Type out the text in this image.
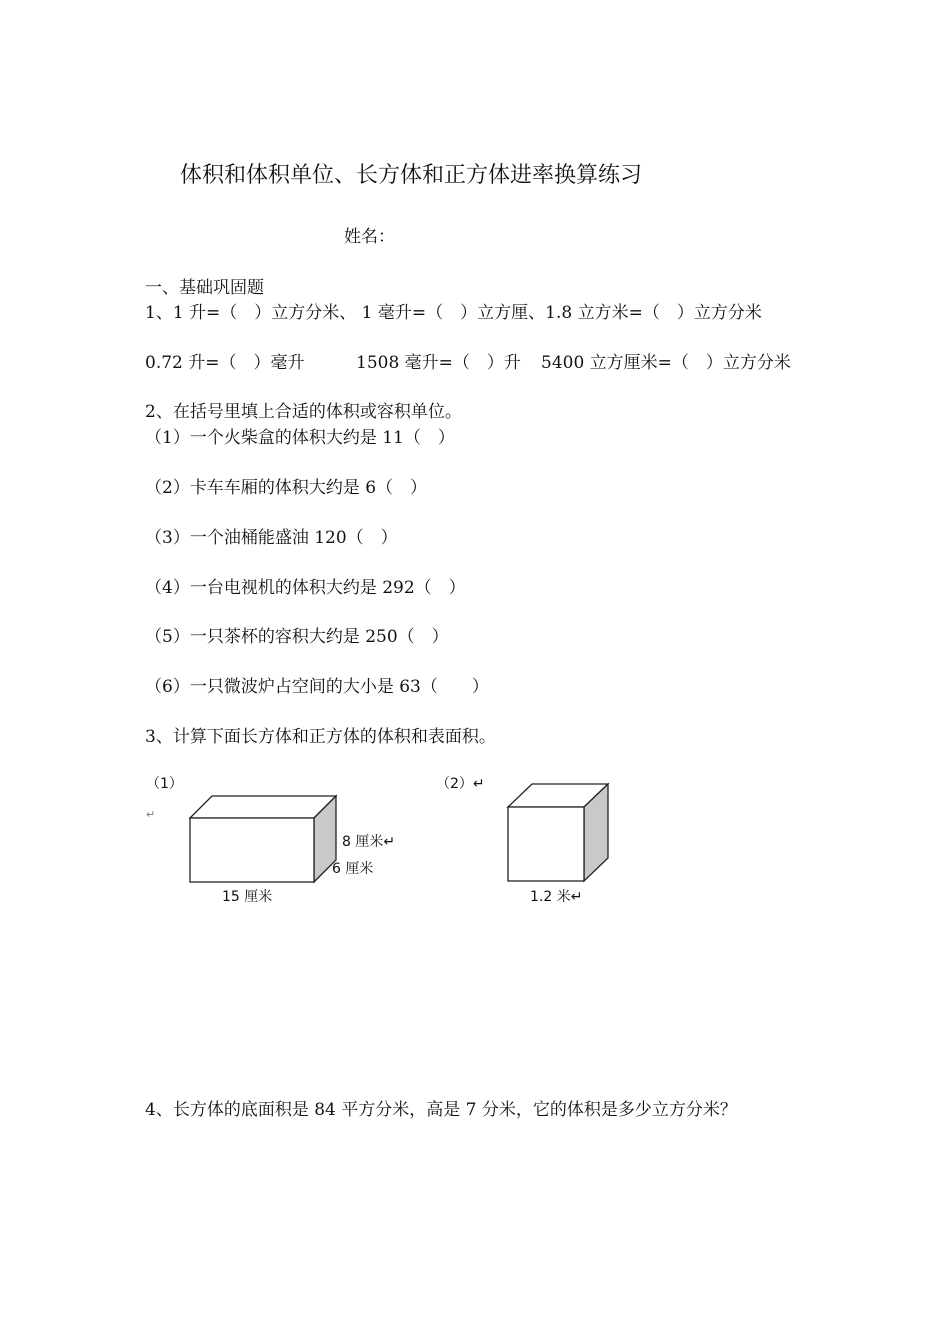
体积和体积单位、长方体和正方体进率换算练习
姓名：
一、基础巩固题
1、1 升=（　）立方分米、 1 毫升=（　）立方厘、1.8 立方米=（　）立方分米
0.72 升=（　）毫升	1508 毫升=（　）升 5400 立方厘米=（　）立方分米
2、在括号里填上合适的体积或容积单位。
（1）一个火柴盒的体积大约是 11（　）
（2）卡车车厢的体积大约是 6（　）
（3）一个油桶能盛油 120（　）
（4）一台电视机的体积大约是 292（　）
（5）一只茶杯的容积大约是 250（　）
（6）一只微波炉占空间的大小是 63（　　）
3、计算下面长方体和正方体的体积和表面积。
（1）
↵
8 厘米↵
6 厘米
15 厘米
（2）↵
1.2 米↵
4、长方体的底面积是 84 平方分米，高是 7 分米，它的体积是多少立方分米？
